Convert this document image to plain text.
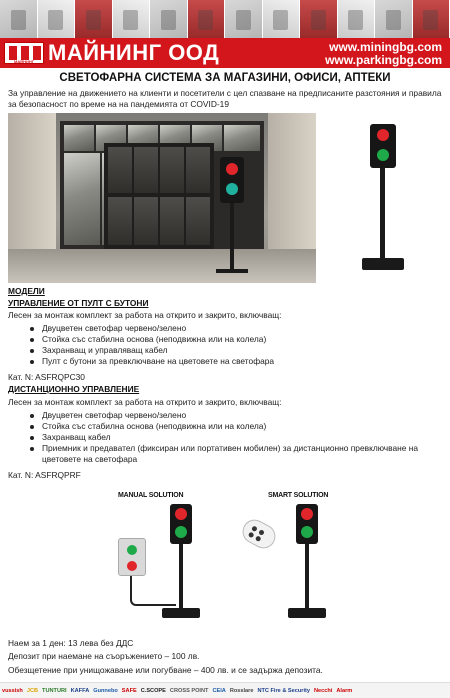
МАЙНИНГ МАЙНИНГ ООД	www.miningbg.com
www.parkingbg.com
СВЕТОФАРНА СИСТЕМА ЗА МАГАЗИНИ, ОФИСИ, АПТЕКИ
За управление на движението на клиенти и посетители с цел спазване на предписаните разстояния и правила за безопасност по време на на пандемията от COVID-19
МОДЕЛИ
УПРАВЛЕНИЕ ОТ ПУЛТ С БУТОНИ
Лесен за монтаж комплект за работа на открито и закрито, включващ:
Двуцветен светофар червено/зелено
Стойка със стабилна основа (неподвижна или на колела)
Захранващ и управляващ кабел
Пулт с бутони за превключване на цветовете на светофара
Кат. N: ASFRQPC30
ДИСТАНЦИОННО УПРАВЛЕНИЕ
Лесен за монтаж комплект за работа на открито и закрито, включващ:
Двуцветен светофар червено/зелено
Стойка със стабилна основа (неподвижна или на колела)
Захранващ кабел
Приемник и предавател (фиксиран или портативен мобилен) за дистанционно превключване на цветовете на светофара
Кат. N: ASFRQPRF
MANUAL SOLUTION	SMART SOLUTION
Наем за 1 ден: 13 лева без ДДС
Депозит при наемане на съоръжението – 100 лв.
Обезщетение при унищожаване или погубване – 400 лв. и се задържа депозита.
vussish JCB TUNTURI KAFFA Gunnebo SAFE C.SCOPE CROSS POINT CEIA Rosslare NTC Fire & Security Necchi Alarm
